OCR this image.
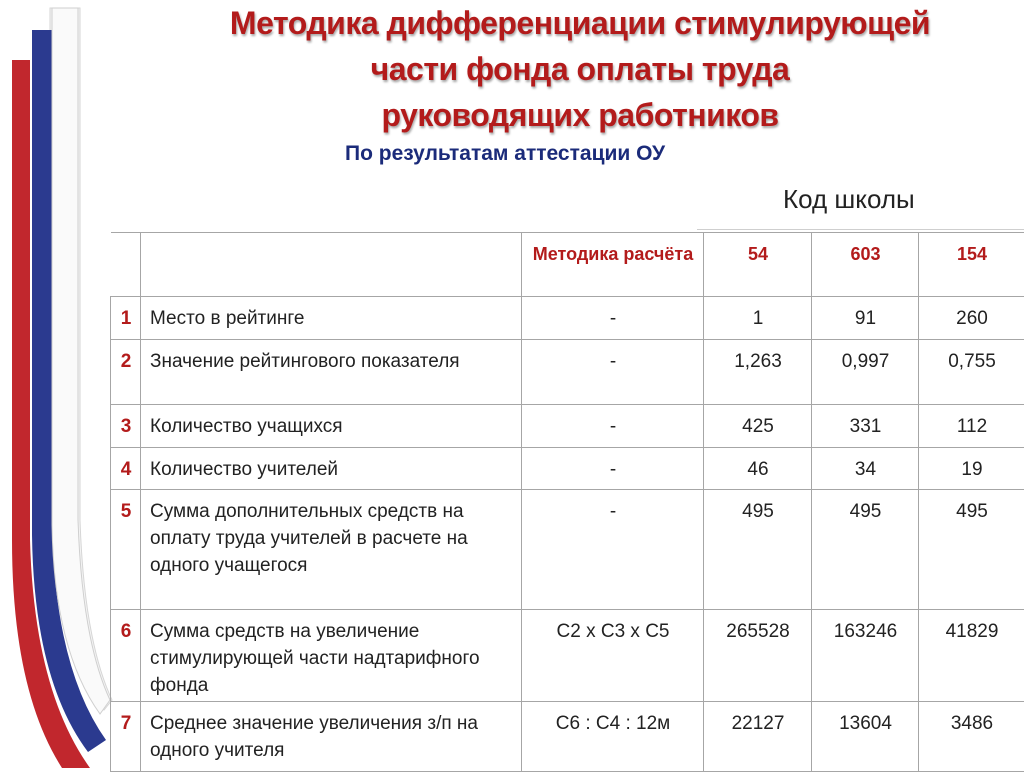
Методика дифференциации стимулирующей
части фонда оплаты труда
руководящих работников
По результатам аттестации ОУ
Код школы
		Методика расчёта	54	603	154
1	Место в рейтинге	-	1	91	260
2	Значение рейтингового показателя	-	1,263	0,997	0,755
3	Количество учащихся	-	425	331	112
4	Количество учителей	-	46	34	19
5	Сумма дополнительных средств на оплату труда учителей в расчете на одного учащегося	-	495	495	495
6	Сумма средств на увеличение стимулирующей части надтарифного фонда	С2 х С3 х С5	265528	163246	41829
7	Среднее значение увеличения з/п на одного учителя	С6 : С4 : 12м	22127	13604	3486
